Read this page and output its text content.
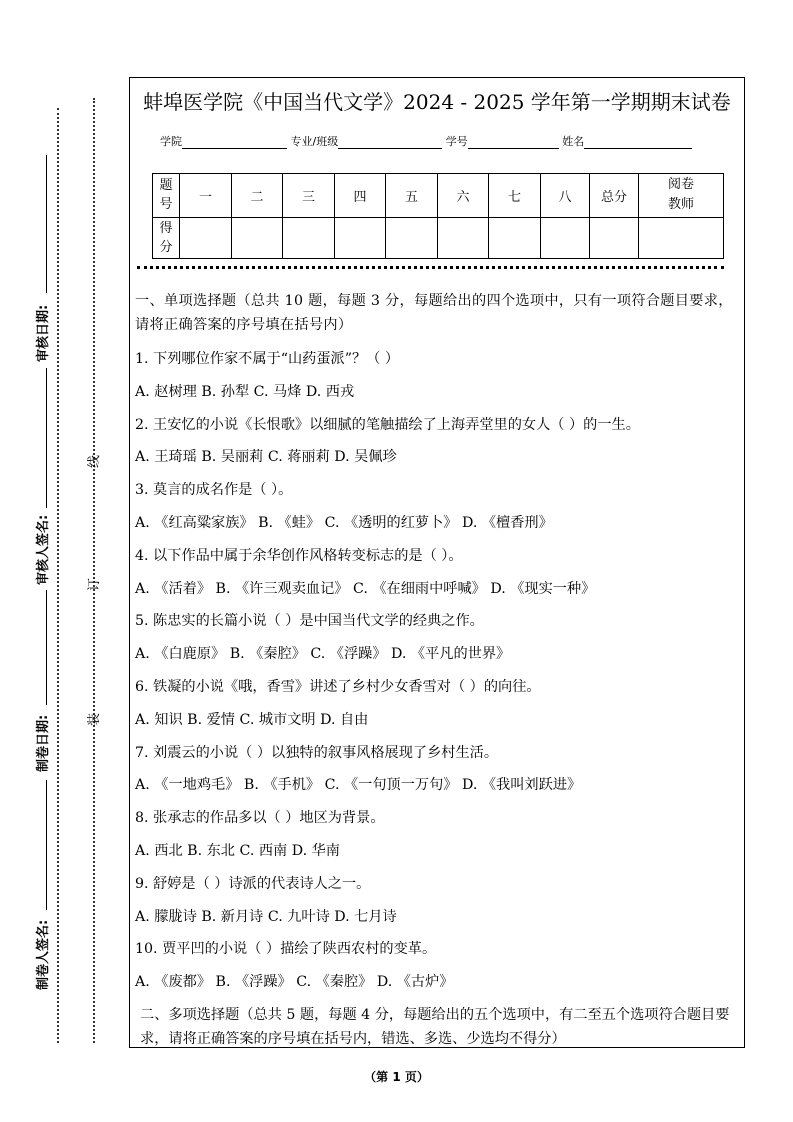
审核日期:
审核人签名:
制卷日期:
制卷人签名:
线
订
装
蚌埠医学院《中国当代文学》2024 - 2025 学年第一学期期末试卷
学院	专业/班级	学号	姓名
题号	一	二	三	四	五	六	七	八	总分	阅卷教师
得分										

一、单项选择题（总共 10 题，每题 3 分，每题给出的四个选项中，只有一项符合题目要求，请将正确答案的序号填在括号内）

1. 下列哪位作家不属于“山药蛋派”？（ ）

A. 赵树理 B. 孙犁 C. 马烽 D. 西戎

2. 王安忆的小说《长恨歌》以细腻的笔触描绘了上海弄堂里的女人（ ）的一生。

A. 王琦瑶 B. 吴丽莉 C. 蒋丽莉 D. 吴佩珍

3. 莫言的成名作是（ ）。

A. 《红高粱家族》 B. 《蛙》 C. 《透明的红萝卜》 D. 《檀香刑》

4. 以下作品中属于余华创作风格转变标志的是（ ）。

A. 《活着》 B. 《许三观卖血记》 C. 《在细雨中呼喊》 D. 《现实一种》

5. 陈忠实的长篇小说（ ）是中国当代文学的经典之作。

A. 《白鹿原》 B. 《秦腔》 C. 《浮躁》 D. 《平凡的世界》

6. 铁凝的小说《哦，香雪》讲述了乡村少女香雪对（ ）的向往。

A. 知识 B. 爱情 C. 城市文明 D. 自由

7. 刘震云的小说（ ）以独特的叙事风格展现了乡村生活。

A. 《一地鸡毛》 B. 《手机》 C. 《一句顶一万句》 D. 《我叫刘跃进》

8. 张承志的作品多以（ ）地区为背景。

A. 西北 B. 东北 C. 西南 D. 华南

9. 舒婷是（ ）诗派的代表诗人之一。

A. 朦胧诗 B. 新月诗 C. 九叶诗 D. 七月诗

10. 贾平凹的小说（ ）描绘了陕西农村的变革。

A. 《废都》 B. 《浮躁》 C. 《秦腔》 D. 《古炉》

二、多项选择题（总共 5 题，每题 4 分，每题给出的五个选项中，有二至五个选项符合题目要求，请将正确答案的序号填在括号内，错选、多选、少选均不得分）

（第 1 页）
